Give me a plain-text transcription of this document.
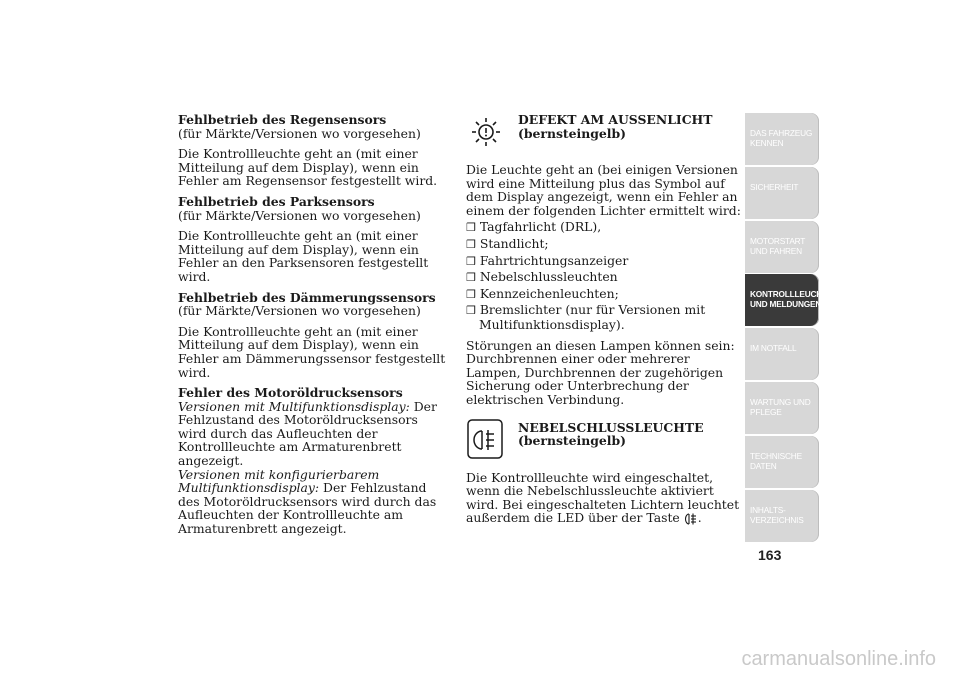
Fehlbetrieb des Regensensors
(für Märkte/Versionen wo vorgesehen)

Die Kontrollleuchte geht an (mit einer Mitteilung auf dem Display), wenn ein Fehler am Regensensor festgestellt wird.

Fehlbetrieb des Parksensors
(für Märkte/Versionen wo vorgesehen)

Die Kontrollleuchte geht an (mit einer Mitteilung auf dem Display), wenn ein Fehler an den Parksensoren festgestellt wird.

Fehlbetrieb des Dämmerungssensors
(für Märkte/Versionen wo vorgesehen)

Die Kontrollleuchte geht an (mit einer Mitteilung auf dem Display), wenn ein Fehler am Dämmerungssensor festgestellt wird.

Fehler des Motoröldrucksensors

Versionen mit Multifunktionsdisplay: Der Fehlzustand des Motoröldrucksensors wird durch das Aufleuchten der Kontrollleuchte am Armaturenbrett angezeigt.

Versionen mit konfigurierbarem Multifunktionsdisplay: Der Fehlzustand des Motoröldrucksensors wird durch das Aufleuchten der Kontrollleuchte am Armaturenbrett angezeigt.

DEFEKT AM AUSSENLICHT
(bernsteingelb)

Die Leuchte geht an (bei einigen Versionen wird eine Mitteilung plus das Symbol auf dem Display angezeigt, wenn ein Fehler an einem der folgenden Lichter ermittelt wird:

❒ Tagfahrlicht (DRL),
❒ Standlicht;
❒ Fahrtrichtungsanzeiger
❒ Nebelschlussleuchten
❒ Kennzeichenleuchten;
❒ Bremslichter (nur für Versionen mit Multifunktionsdisplay).

Störungen an diesen Lampen können sein: Durchbrennen einer oder mehrerer Lampen, Durchbrennen der zugehörigen Sicherung oder Unterbrechung der elektrischen Verbindung.

NEBELSCHLUSSLEUCHTE
(bernsteingelb)

Die Kontrollleuchte wird eingeschaltet, wenn die Nebelschlussleuchte aktiviert wird. Bei eingeschalteten Lichtern leuchtet außerdem die LED über der Taste .

DAS FAHRZEUG KENNEN
SICHERHEIT
MOTORSTART UND FAHREN
KONTROLLLEUCHTEN UND MELDUNGEN
IM NOTFALL
WARTUNG UND PFLEGE
TECHNISCHE DATEN
INHALTS-VERZEICHNIS
163
carmanualsonline.info
